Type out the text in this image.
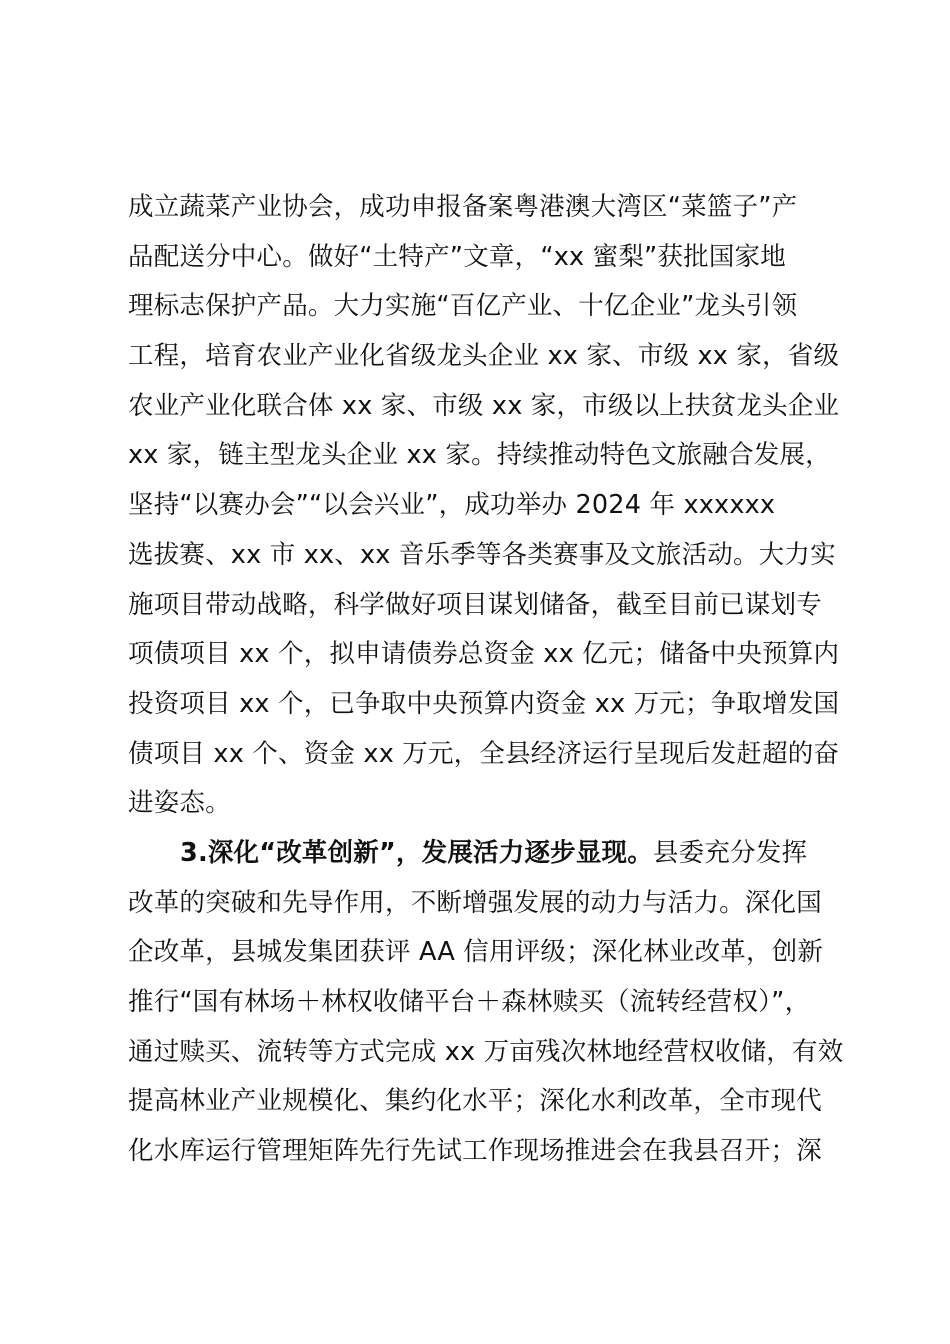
成立蔬菜产业协会，成功申报备案粤港澳大湾区“菜篮子”产
品配送分中心。做好“土特产”文章，“xx 蜜梨”获批国家地
理标志保护产品。大力实施“百亿产业、十亿企业”龙头引领
工程，培育农业产业化省级龙头企业 xx 家、市级 xx 家，省级
农业产业化联合体 xx 家、市级 xx 家，市级以上扶贫龙头企业
xx 家，链主型龙头企业 xx 家。持续推动特色文旅融合发展，
坚持“以赛办会”“以会兴业”，成功举办 2024 年 xxxxxx
选拔赛、xx 市 xx、xx 音乐季等各类赛事及文旅活动。大力实
施项目带动战略，科学做好项目谋划储备，截至目前已谋划专
项债项目 xx 个，拟申请债券总资金 xx 亿元；储备中央预算内
投资项目 xx 个，已争取中央预算内资金 xx 万元；争取增发国
债项目 xx 个、资金 xx 万元，全县经济运行呈现后发赶超的奋
进姿态。
3.深化“改革创新”，发展活力逐步显现。县委充分发挥
改革的突破和先导作用，不断增强发展的动力与活力。深化国
企改革，县城发集团获评 AA 信用评级；深化林业改革，创新
推行“国有林场＋林权收储平台＋森林赎买（流转经营权）”，
通过赎买、流转等方式完成 xx 万亩残次林地经营权收储，有效
提高林业产业规模化、集约化水平；深化水利改革，全市现代
化水库运行管理矩阵先行先试工作现场推进会在我县召开；深
